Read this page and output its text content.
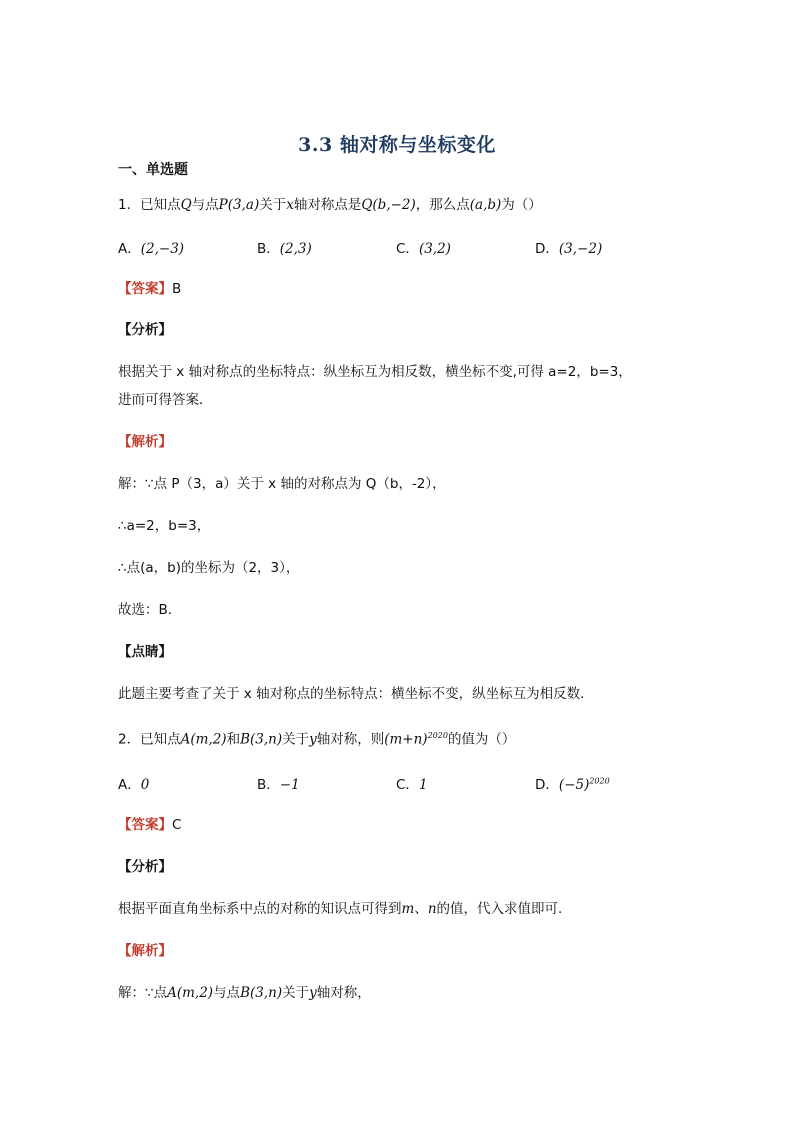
3.3 轴对称与坐标变化
一、单选题
1．已知点Q与点P(3,a)关于x轴对称点是Q(b,−2)，那么点(a,b)为（）
A．(2,−3)	B．(2,3)	C．(3,2)	D．(3,−2)
【答案】B
【分析】
根据关于 x 轴对称点的坐标特点：纵坐标互为相反数，横坐标不变,可得 a=2，b=3，
进而可得答案．
【解析】
解：∵点 P（3，a）关于 x 轴的对称点为 Q（b，-2），
∴a=2，b=3，
∴点(a，b)的坐标为（2，3），
故选：B．
【点睛】
此题主要考查了关于 x 轴对称点的坐标特点：横坐标不变，纵坐标互为相反数．
2．已知点A(m,2)和B(3,n)关于y轴对称，则$(m+n)^{2020}$的值为（）
A．0	B．−1	C．1	D．$(-5)^{2020}$
【答案】C
【分析】
根据平面直角坐标系中点的对称的知识点可得到m、n的值，代入求值即可．
【解析】
解：∵点A(m,2)与点B(3,n)关于y轴对称，
